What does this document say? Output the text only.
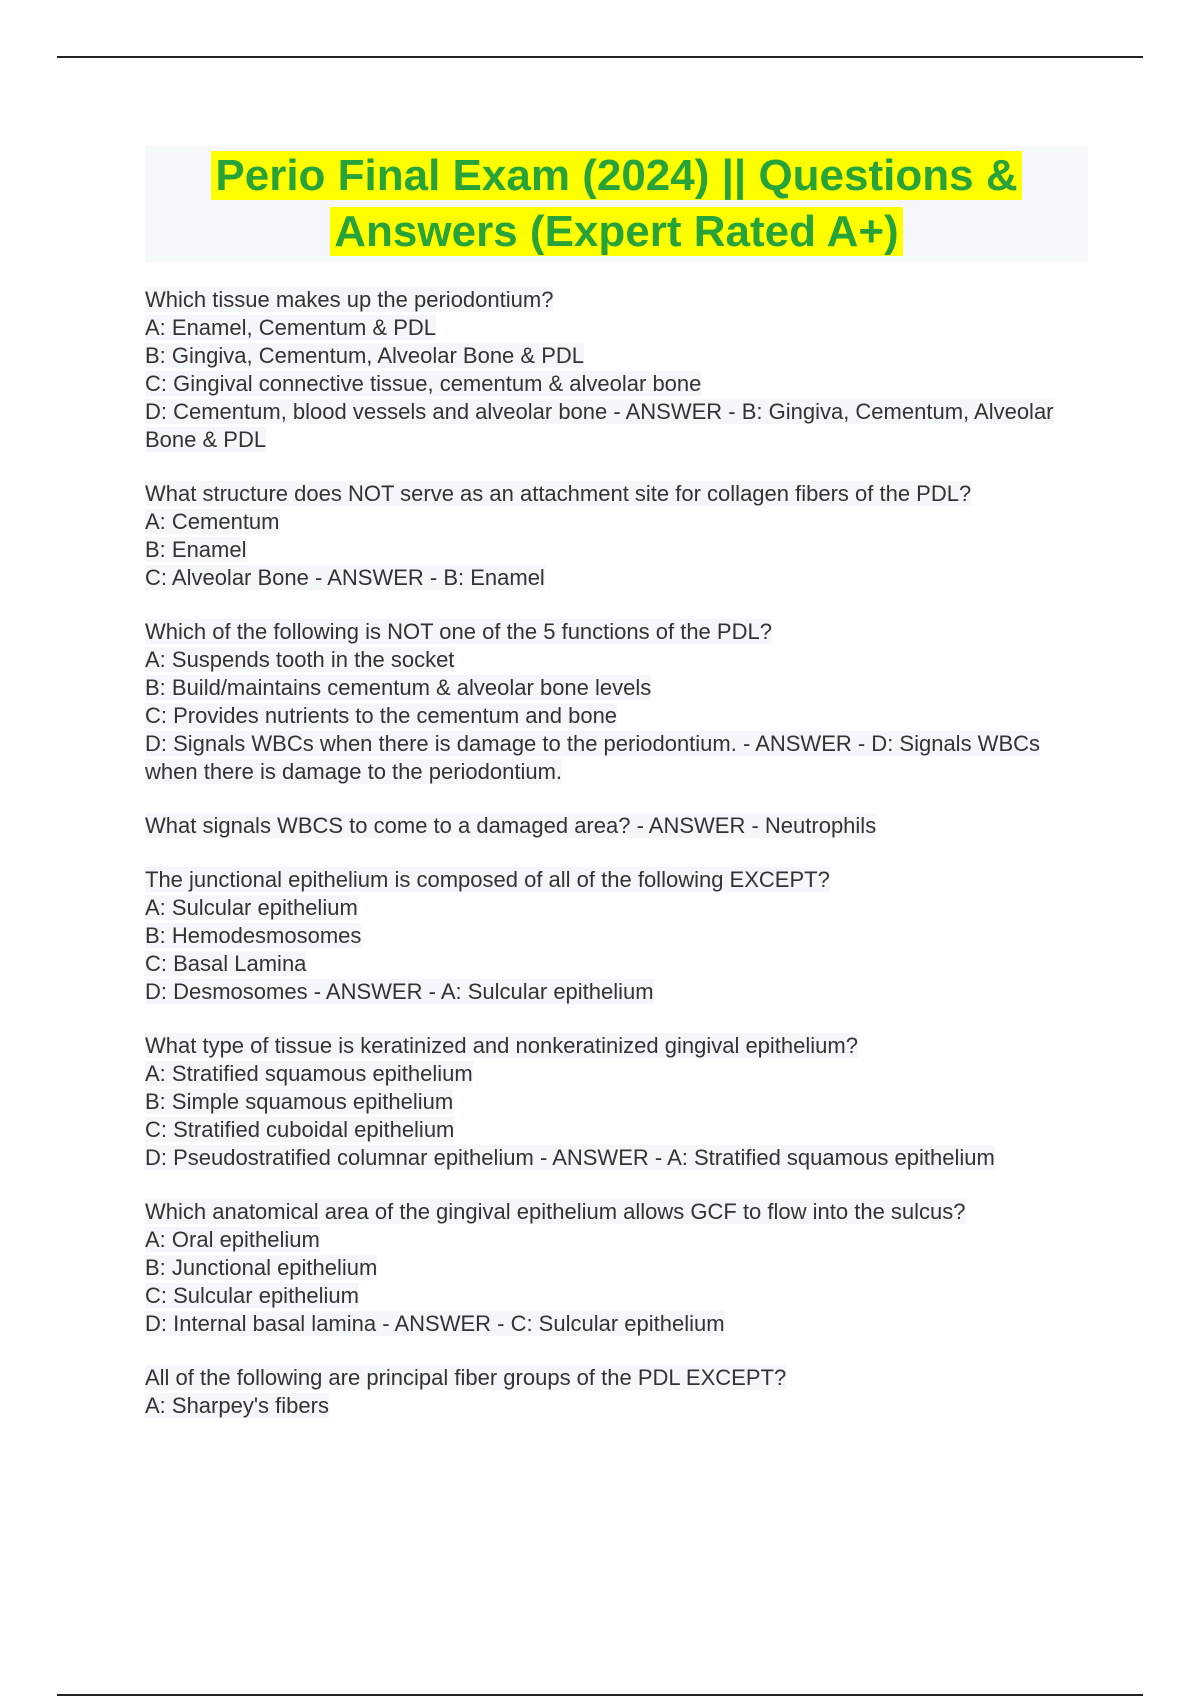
Perio Final Exam (2024) || Questions & Answers (Expert Rated A+)
Which tissue makes up the periodontium?
A: Enamel, Cementum & PDL
B: Gingiva, Cementum, Alveolar Bone & PDL
C: Gingival connective tissue, cementum & alveolar bone
D: Cementum, blood vessels and alveolar bone - ANSWER - B: Gingiva, Cementum, Alveolar Bone & PDL
What structure does NOT serve as an attachment site for collagen fibers of the PDL?
A: Cementum
B: Enamel
C: Alveolar Bone - ANSWER - B: Enamel
Which of the following is NOT one of the 5 functions of the PDL?
A: Suspends tooth in the socket
B: Build/maintains cementum & alveolar bone levels
C: Provides nutrients to the cementum and bone
D: Signals WBCs when there is damage to the periodontium. - ANSWER - D: Signals WBCs when there is damage to the periodontium.
What signals WBCS to come to a damaged area? - ANSWER - Neutrophils
The junctional epithelium is composed of all of the following EXCEPT?
A: Sulcular epithelium
B: Hemodesmosomes
C: Basal Lamina
D: Desmosomes - ANSWER - A: Sulcular epithelium
What type of tissue is keratinized and nonkeratinized gingival epithelium?
A: Stratified squamous epithelium
B: Simple squamous epithelium
C: Stratified cuboidal epithelium
D: Pseudostratified columnar epithelium - ANSWER - A: Stratified squamous epithelium
Which anatomical area of the gingival epithelium allows GCF to flow into the sulcus?
A: Oral epithelium
B: Junctional epithelium
C: Sulcular epithelium
D: Internal basal lamina - ANSWER - C: Sulcular epithelium
All of the following are principal fiber groups of the PDL EXCEPT?
A: Sharpey's fibers
